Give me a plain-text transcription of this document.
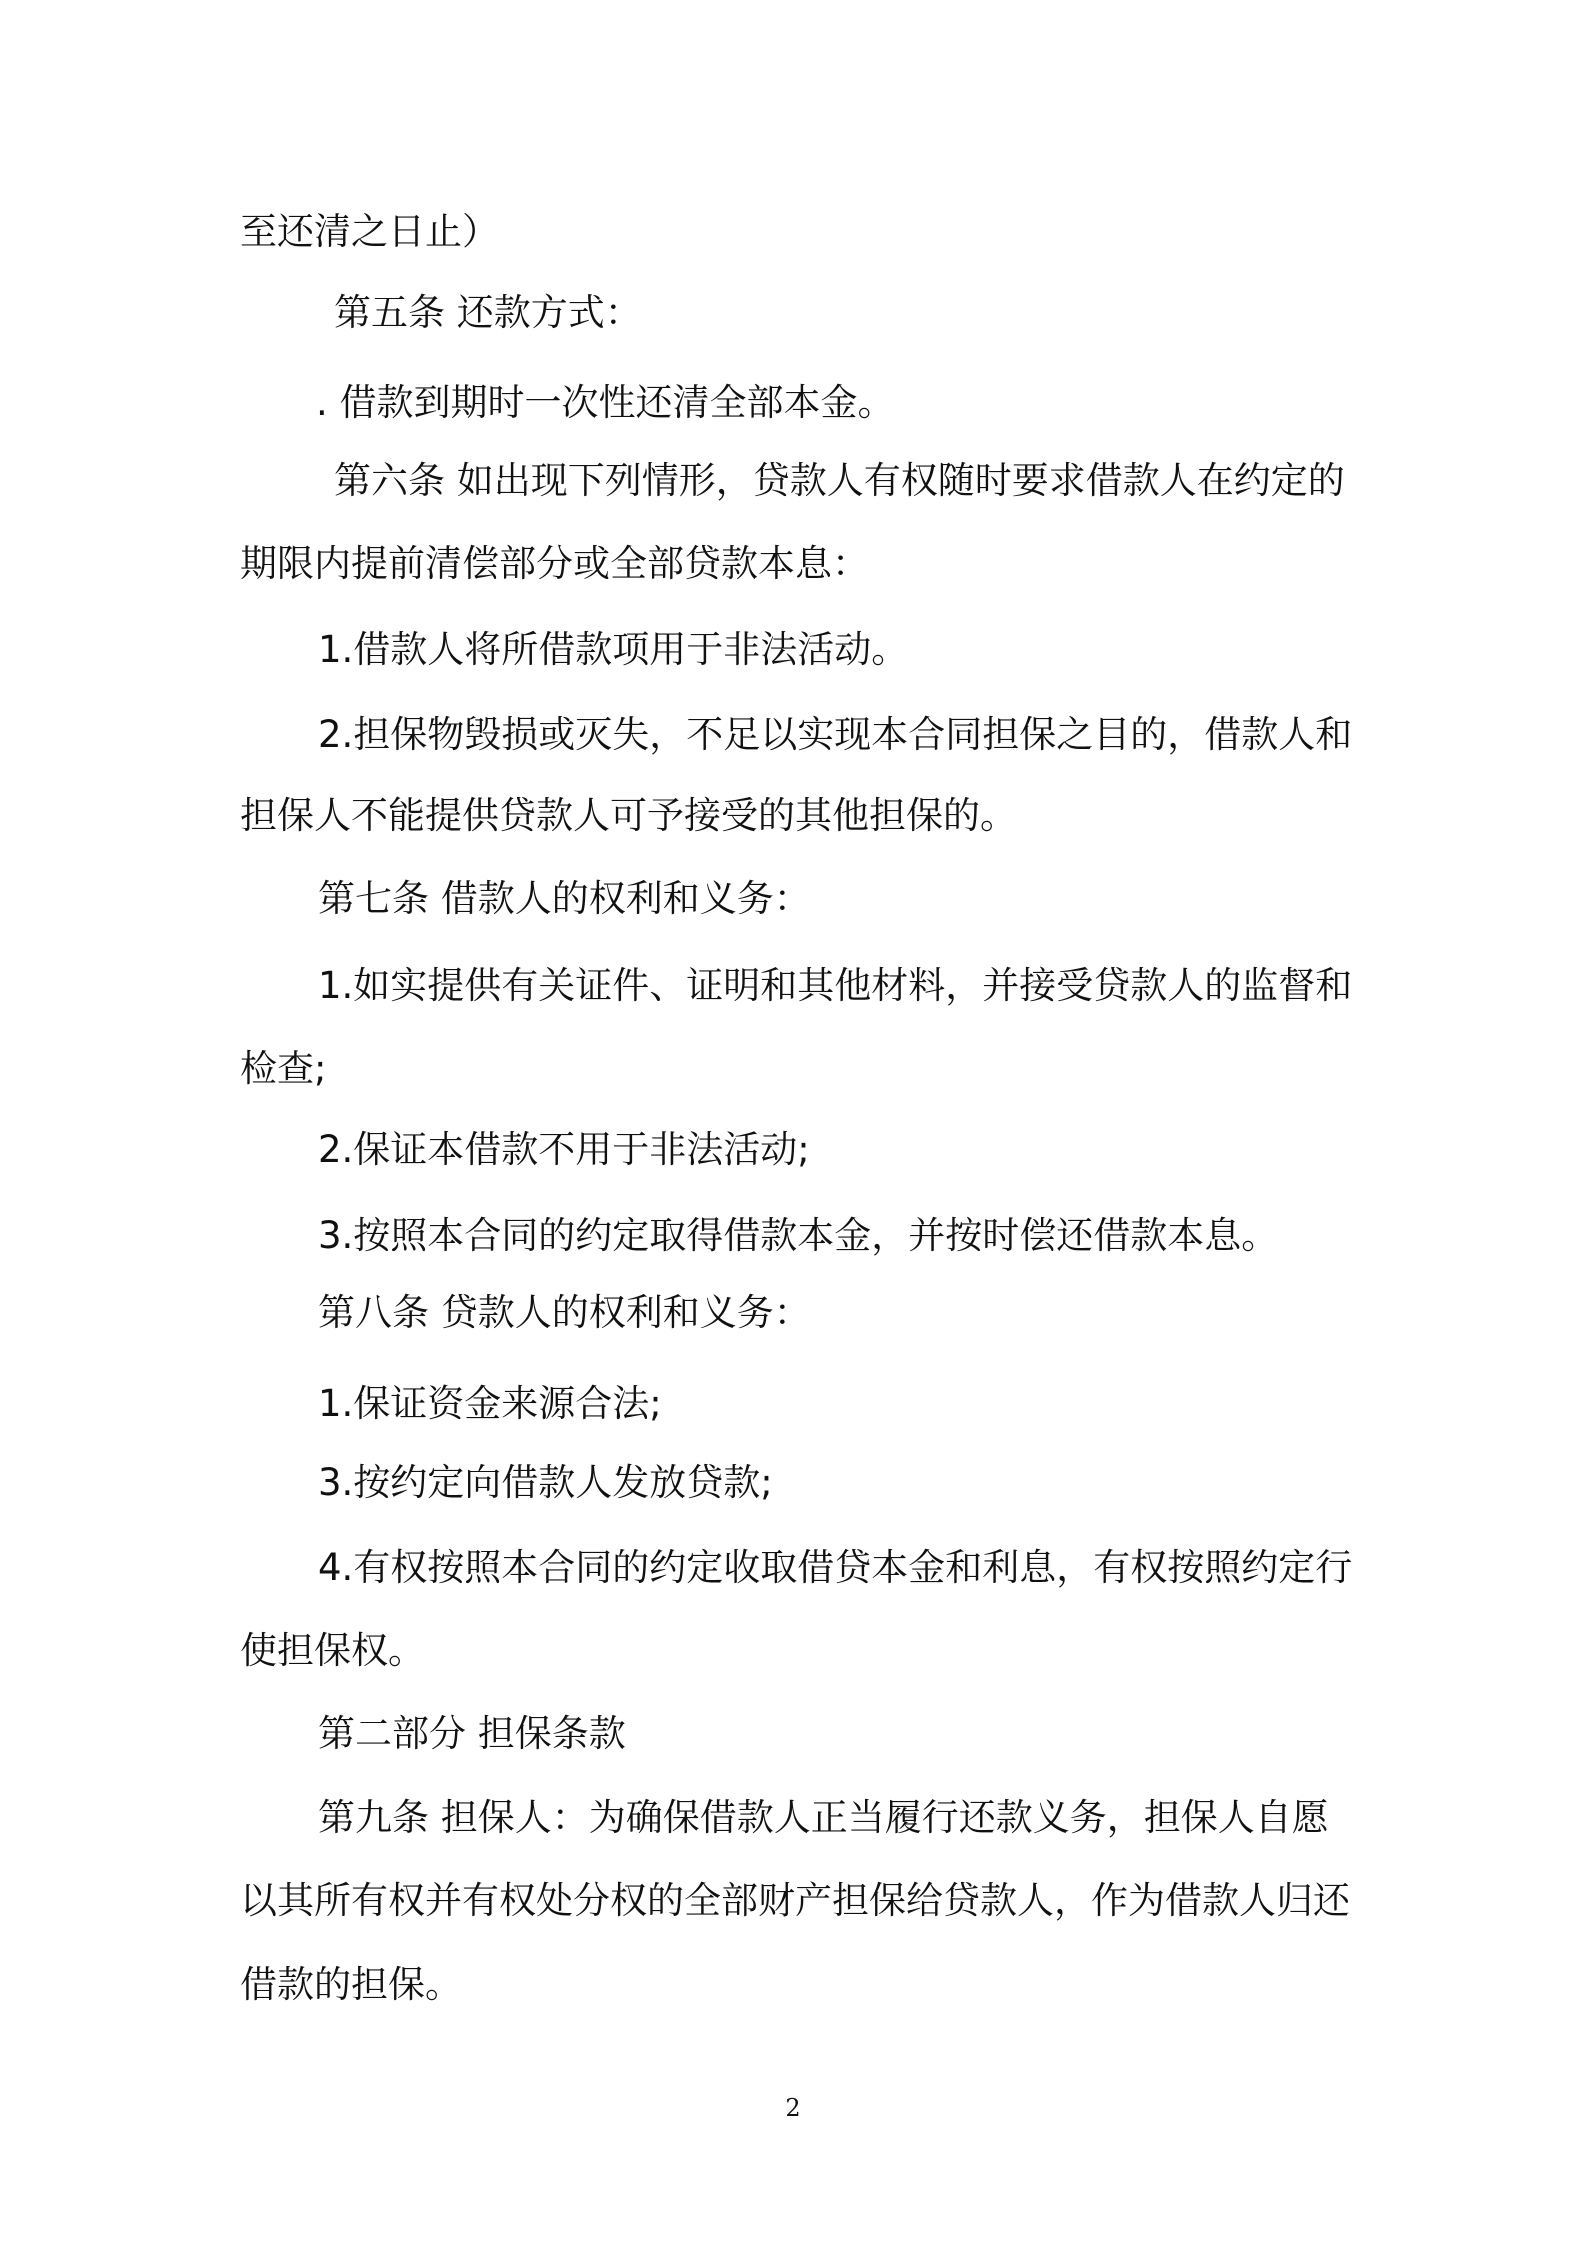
至还清之日止）
第五条 还款方式：
. 借款到期时一次性还清全部本金。
第六条 如出现下列情形，贷款人有权随时要求借款人在约定的
期限内提前清偿部分或全部贷款本息：
1.借款人将所借款项用于非法活动。
2.担保物毁损或灭失，不足以实现本合同担保之目的，借款人和
担保人不能提供贷款人可予接受的其他担保的。
第七条 借款人的权利和义务：
1.如实提供有关证件、证明和其他材料，并接受贷款人的监督和
检查;
2.保证本借款不用于非法活动;
3.按照本合同的约定取得借款本金，并按时偿还借款本息。
第八条 贷款人的权利和义务：
1.保证资金来源合法;
3.按约定向借款人发放贷款;
4.有权按照本合同的约定收取借贷本金和利息，有权按照约定行
使担保权。
第二部分 担保条款
第九条 担保人：为确保借款人正当履行还款义务，担保人自愿
以其所有权并有权处分权的全部财产担保给贷款人，作为借款人归还
借款的担保。
2
